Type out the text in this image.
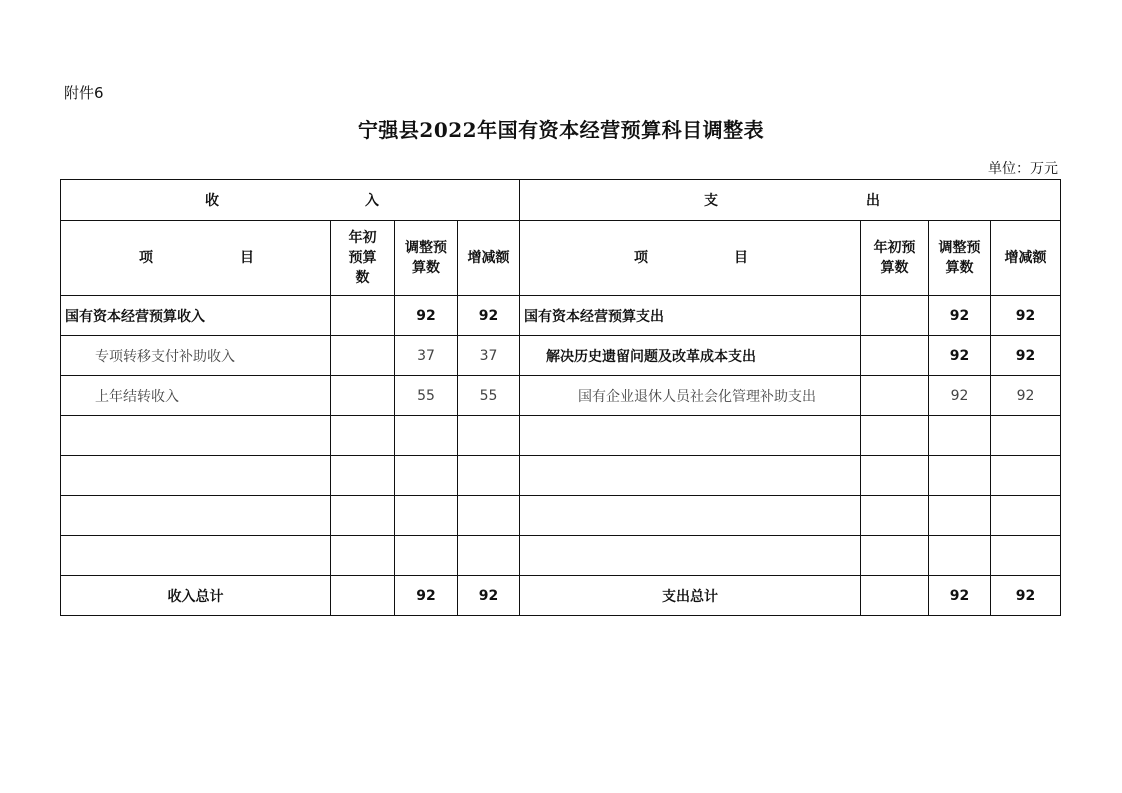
附件6
宁强县2022年国有资本经营预算科目调整表
单位：万元
收 入				支 出			

项 目	年初预算数	调整预算数	增减额	项 目	年初预算数	调整预算数	增减额
国有资本经营预算收入		92	92	国有资本经营预算支出		92	92
专项转移支付补助收入		37	37	解决历史遗留问题及改革成本支出		92	92
上年结转收入		55	55	国有企业退休人员社会化管理补助支出		92	92

收入总计		92	92	支出总计		92	92
